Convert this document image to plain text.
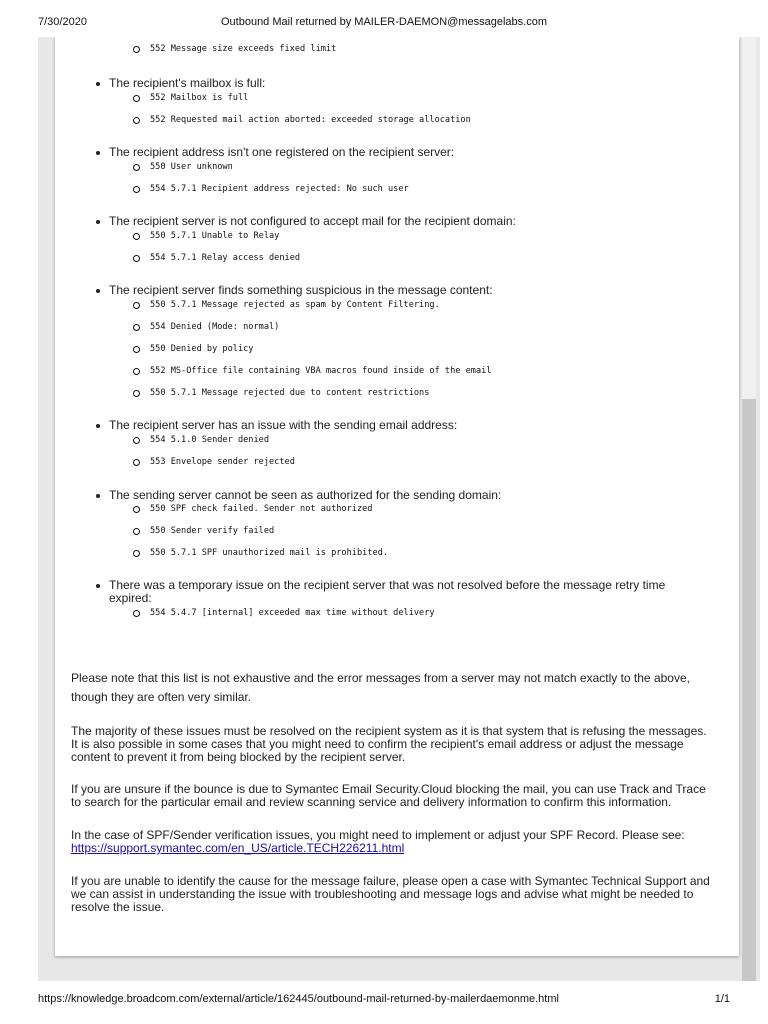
7/30/2020	Outbound Mail returned by MAILER-DAEMON@messagelabs.com
552 Message size exceeds fixed limit
The recipient's mailbox is full:
552 Mailbox is full
552 Requested mail action aborted: exceeded storage allocation
The recipient address isn't one registered on the recipient server:
550 User unknown
554 5.7.1 Recipient address rejected: No such user
The recipient server is not configured to accept mail for the recipient domain:
550 5.7.1 Unable to Relay
554 5.7.1 Relay access denied
The recipient server finds something suspicious in the message content:
550 5.7.1 Message rejected as spam by Content Filtering.
554 Denied (Mode: normal)
550 Denied by policy
552 MS-Office file containing VBA macros found inside of the email
550 5.7.1 Message rejected due to content restrictions
The recipient server has an issue with the sending email address:
554 5.1.0 Sender denied
553 Envelope sender rejected
The sending server cannot be seen as authorized for the sending domain:
550 SPF check failed. Sender not authorized
550 Sender verify failed
550 5.7.1 SPF unauthorized mail is prohibited.
There was a temporary issue on the recipient server that was not resolved before the message retry time expired:
554 5.4.7 [internal] exceeded max time without delivery
Please note that this list is not exhaustive and the error messages from a server may not match exactly to the above,
though they are often very similar.
The majority of these issues must be resolved on the recipient system as it is that system that is refusing the messages. It is also possible in some cases that you might need to confirm the recipient's email address or adjust the message content to prevent it from being blocked by the recipient server.
If you are unsure if the bounce is due to Symantec Email Security.Cloud blocking the mail, you can use Track and Trace to search for the particular email and review scanning service and delivery information to confirm this information.
In the case of SPF/Sender verification issues, you might need to implement or adjust your SPF Record. Please see:
https://support.symantec.com/en_US/article.TECH226211.html
If you are unable to identify the cause for the message failure, please open a case with Symantec Technical Support and we can assist in understanding the issue with troubleshooting and message logs and advise what might be needed to resolve the issue.
https://knowledge.broadcom.com/external/article/162445/outbound-mail-returned-by-mailerdaemonme.html	1/1
